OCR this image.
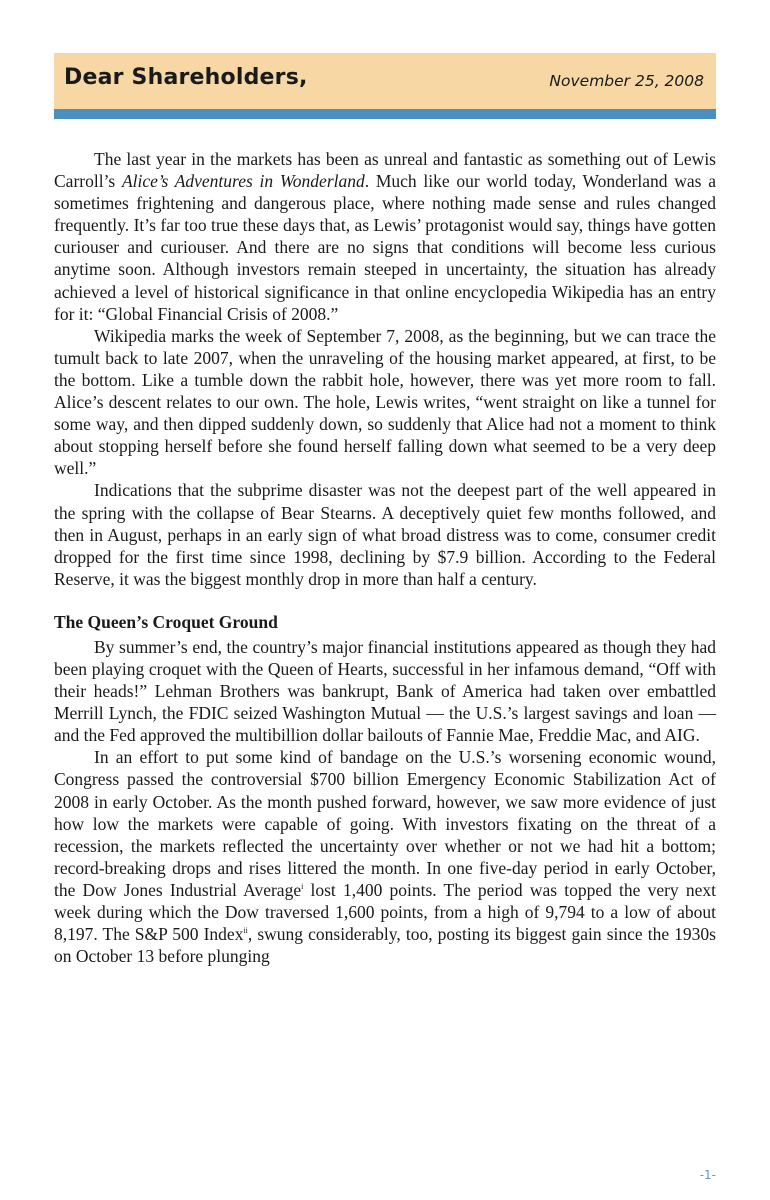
Dear Shareholders,	November 25, 2008

The last year in the markets has been as unreal and fantastic as something out of Lewis Carroll’s Alice’s Adventures in Wonderland. Much like our world today, Wonderland was a sometimes frightening and dangerous place, where nothing made sense and rules changed frequently. It’s far too true these days that, as Lewis’ protagonist would say, things have gotten curiouser and curiouser. And there are no signs that conditions will become less curious anytime soon. Although investors remain steeped in uncertainty, the situation has already achieved a level of historical significance in that online encyclopedia Wikipedia has an entry for it: “Global Financial Crisis of 2008.”

Wikipedia marks the week of September 7, 2008, as the beginning, but we can trace the tumult back to late 2007, when the unraveling of the housing market appeared, at first, to be the bottom. Like a tumble down the rabbit hole, however, there was yet more room to fall. Alice’s descent relates to our own. The hole, Lewis writes, “went straight on like a tunnel for some way, and then dipped suddenly down, so suddenly that Alice had not a moment to think about stopping herself before she found herself falling down what seemed to be a very deep well.”

Indications that the subprime disaster was not the deepest part of the well appeared in the spring with the collapse of Bear Stearns. A deceptively quiet few months followed, and then in August, perhaps in an early sign of what broad distress was to come, consumer credit dropped for the first time since 1998, declining by $7.9 billion. According to the Federal Reserve, it was the biggest monthly drop in more than half a century.

The Queen’s Croquet Ground

By summer’s end, the country’s major financial institutions appeared as though they had been playing croquet with the Queen of Hearts, successful in her infamous demand, “Off with their heads!” Lehman Brothers was bankrupt, Bank of America had taken over embattled Merrill Lynch, the FDIC seized Washington Mutual — the U.S.’s largest savings and loan — and the Fed approved the multibillion dollar bailouts of Fannie Mae, Freddie Mac, and AIG.

In an effort to put some kind of bandage on the U.S.’s worsening economic wound, Congress passed the controversial $700 billion Emergency Economic Stabilization Act of 2008 in early October. As the month pushed forward, however, we saw more evidence of just how low the markets were capable of going. With investors fixating on the threat of a recession, the markets reflected the uncertainty over whether or not we had hit a bottom; record-breaking drops and rises littered the month. In one five-day period in early October, the Dow Jones Industrial Average$^i$ lost 1,400 points. The period was topped the very next week during which the Dow traversed 1,600 points, from a high of 9,794 to a low of about 8,197. The S&P 500 Index$^{ii}$, swung considerably, too, posting its biggest gain since the 1930s on October 13 before plunging

-1-
